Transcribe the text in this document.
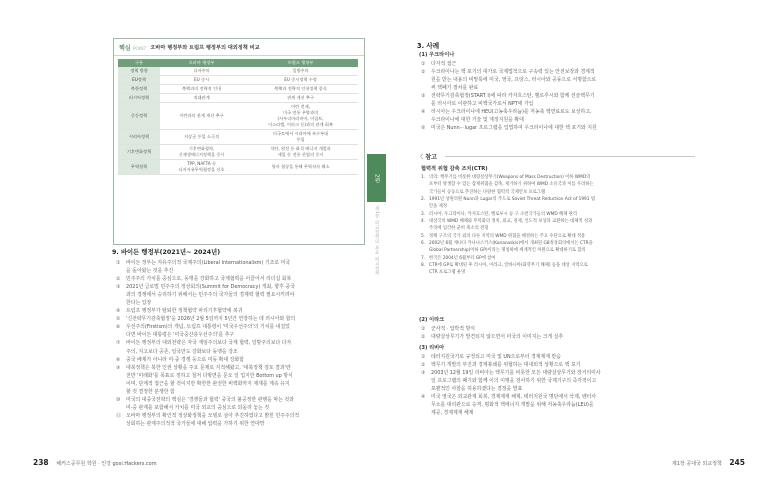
핵심 POINT 오바마 행정부와 트럼프 행정부의 대외정책 비교
구분	오바마 행정부	트럼프 행정부

정책 방향	다자주의	일방주의

EU정책	EU 중시	EU 중시정책 수정

북한정책	북핵과의 전략적 인내	북핵과 전략적 인내정책 종식

러시아정책	적대관계	관계 개선 추구

중동정책	이란과의 관계 개선 추구	이란 견제,
미국 전통 우방과의
(사우디아라비아, 이집트,
이스라엘, 이라크 등)과의 관계 회복

시리아정책	지상군 투입 소극적	미국토에서 시리아에 특수부대
투입

기후변화정책	기후변화협약,
신재생에너지정책을 중시	석탄, 원전 등 화석 에너지 개발과
셰일 등 전통 산업의 중시

무역정책	TPP, NAFTA 등
다자자유무역협정을 선호	양자 협상을 통해 무역적자 해소
9. 바이든 행정부(2021년~ 2024년)
① 바이든 정부는 자유주의적 국제주의(Liberal Internationalism) 기조로 미국
을 돌아왔는 것을 추진
② 민주주의 가치를 중심으로, 동맹을 강화하고 국제협력을 이끌어서 리더십 회복
③ 2021년 글로벌 민주주의 정상회의(Summit for Democracy) 개최, 향후 중국
과의 경쟁에서 승리하기 위해서는 민주주의 국가들의 경제력 협력 필요시키려야
한다는 입장
④ 트럼프 행정부가 탈퇴한 정책협약 파리기후협약에 복귀
⑤ '신전략무기감축협정'을 2026년 2월 5일까지 5년간 연장하는 데 러시아와 합의
⑥ 우선주의(Firstism)의 개념, 트럼프 대통령이 '미국우선주의'의 기치를 내걸었
다면 바이든 대통령은 '미국중산층우선주의'를 추구
⑦ 바이든 행정부의 대외전략은 자국 재임주의보다 국제 협력, 일방주의보다 다자
주의, 지고보다 공존, 일국만도 강화보다 동맹을 강조
⑧ 중국 배제가 아니라 미·중 경쟁 등으로 미동 확대 강화함
⑨ 대북정책은 북한 인권 상황을 주요 문제로 지적해왔고, '대북정책 검토 결과'란
전반 '미래화'를 목표로 정하고 철저 다방면을 문오 일 업지만 Bottom up 방식
이며, 단계적 접근을 할 것이지만 확한한 완전한 비핵화까지 제재를 계속 유지
할 것 결정한 분쟁한 함
⑩ 미국의 대중국전략의 핵심은 '경쟁들과 협력' 중국의 불공정한 관행을 막는 것과
미·중 관계를 포함해서 가치를 미국 외교의 중심으로 되돌려 놓는 것
⑪ 오바마 행정부의 확인적 정상화정책을 모델로 삼아 추진하였다고 밝힌 민주주의적
상회하는 관계주의적적 국가들에 대해 압력을 가하기 위한 연대망
238 해커스공무원 학원 · 인강 gosi.Hackers.com
2편
제1장 외교정책의 목표 외교정책
3. 사례
(1) 우크라이나
① 다자적 접근
② 우크라이나는 핵 포기의 대가로 국제법적으로 구속력 있는 안전보장과 경제적
원을 받는 내용의 비망록에 미국, 영국, 프랑스, 러시아와 공동으로 서명함으로
써 핵폐기 절차를 완료
③ 전략무기감축협정(START I)에 따라 카자흐스탄, 벨로루시와 함께 전술핵무기
를 러시아로 이관하고 비핵국가로서 NPT에 가입
④ 러시아는 우크라이나에 HEU(고농축우라늄)를 저농축 핵연료로도 보상하고,
우크라이나에 대한 기술 및 재정지원을 확대
⑤ 미국은 Nunn－lugar 프로그램을 입법하여 우크라이나에 대한 핵 포기와 지원
〈 참고
협력적 위협 감축 조치(CTR)
1. 의의: 핵무기를 비롯한 대량살상무기(Weapons of Mass Destruction) 이하 WMD의
포부터 방생할 수 있는 잠재위협을 감축, 제거하기 위하여 WMD 소유국과 이를 우려하는
국가들이 공동으로 추진하는 다양한 협력적 국제안보 프로그램
2. 1991년 상원의원 Nunn과 Lugar의 주도로 Soviet Threat Reduction Act of 1991 법
안을 제정
3. 러시아, 우크라이나, 카자흐스탄, 벨로루시 등 구 소련국가들의 WMD 해체 관리
4. 대상국의 WMD 해체와 무력화의 정치, 외교, 경제, 인도적 보상과 교환하는 대체적 성과
주의에 입각한 군비 축소의 전형
5. 정책 구조의 국가 외의 다른 지역의 WMD 위협을 해결하는 주요 수단으로 확대 적용
6. 2002년 6월 캐나다 카나나스키스(Kananaskis)에서 개최된 G8정상회의에서는 CTR을
Global Partnership(이하 GP)이라는 명칭하에 세계적인 차원으로 확대하기로 합의
7. 한국은 2004년 6월부터 GP에 참여
8. CTR에 GP로 확대된 후 러시아, 이라크, 알바니아(화학무기 해체) 등을 대상 지역으로
CTR 프로그램 운영
(2) 이라크
① 군사적 · 압박적 방식
② 대량살상무기가 발견되지 않으면서 미국의 이미지는 크게 실추
(3) 리비아
① 테러지원국가로 규정되고 미국 및 UN으로부터 경제제재 받음
② 핵무기 개발의 부진과 경제봉쇄를 위협하는 대내외적 상황으로 핵 포기
③ 2003년 12월 19일 리비아는 핵무기를 비롯한 모든 대량살상무기와 장거리미사
일 프로그램의 폐기와 함께 이의 이행을 검사하기 위한 국제기구의 즉각적이고
포괄적인 사찰을 허용하겠다는 결정을 발표
④ 미국 영국은 외교관계 회복, 경제제재 해제, 테러지원국 명단에서 삭제, 벤터사
무소를 대리관으로 승격, 평화적 핵에너지 개발을 위해 저농축우라늄(LEU)을
제공, 경제제재 해제
제1장 공대국 외교정책 245
